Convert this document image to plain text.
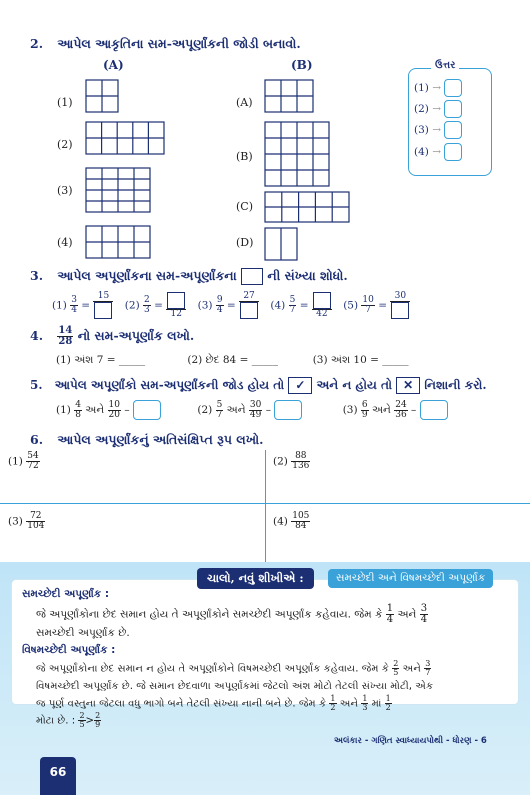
2. આપેલ આકૃતિના સમ-અપૂર્ણાંકની જોડી બનાવો.
(A)	(B)
(1)
(2)
(3)
(4)
(A)
(B)
(C)
(D)
ઉત્તર
(1) →
(2) →
(3) →
(4) →
3. આપેલ અપૂર્ણાંકના સમ-અપૂર્ણાંકના ની સંખ્યા શોધો.
$(1) \frac{3}{4}$ =
15
$(2) \frac{2}{3}$ =
12
$(3) \frac{9}{4}$ =
27
$(4) \frac{5}{7}$ =
42
$(5) \frac{10}{7}$ =
30
4. $\frac{14}{28}$ નો સમ-અપૂર્ણાંક લખો.
(1) અંશ 7 = _____	(2) છેદ 84 = _____	(3) અંશ 10 = _____
5. આપેલ અપૂર્ણાંકો સમ-અપૂર્ણાંકની જોડ હોય તો ✓ અને ન હોય તો ✕ નિશાની કરો.
$(1) \frac{4}{8}$ અને $\frac{10}{20}$ –	$(2) \frac{5}{7}$ અને $\frac{30}{49}$ –	$(3) \frac{6}{9}$ અને $\frac{24}{36}$ –
6. આપેલ અપૂર્ણાંકનું અતિસંક્ષિપ્ત રૂપ લખો.
$(1) \frac{54}{72}$	$(2) \frac{88}{136}$
$(3) \frac{72}{104}$	$(4) \frac{105}{84}$
ચાલો, નવું શીખીએ :	સમચ્છેદી અને વિષમચ્છેદી અપૂર્ણાંક
સમચ્છેદી અપૂર્ણાંક :
જે અપૂર્ણાંકોના છેદ સમાન હોય તે અપૂર્ણાંકોને સમચ્છેદી અપૂર્ણાંક કહેવાય. જેમ કે $\frac{1}{4}$ અને $\frac{3}{4}$

સમચ્છેદી અપૂર્ણાંક છે.
વિષમચ્છેદી અપૂર્ણાંક :
જે અપૂર્ણાંકોના છેદ સમાન ન હોય તે અપૂર્ણાંકોને વિષમચ્છેદી અપૂર્ણાંક કહેવાય. જેમ કે $\frac{2}{5}$ અને $\frac{3}{7}$

વિષમચ્છેદી અપૂર્ણાંક છે. જે સમાન છેદવાળા અપૂર્ણાંકમાં જેટલો અંશ મોટો તેટલી સંખ્યા મોટી, એક
જ પૂર્ણ વસ્તુના જેટલા વધુ ભાગો બને તેટલી સંખ્યા નાની બને છે. જેમ કે $\frac{1}{2}$ અને $\frac{1}{3}$ માં $\frac{1}{2}$

મોટા છે. : $\frac{2}{5} > \frac{2}{9}$
66
અલંકાર - ગણિત સ્વાધ્યાયપોથી - ધોરણ - 6
